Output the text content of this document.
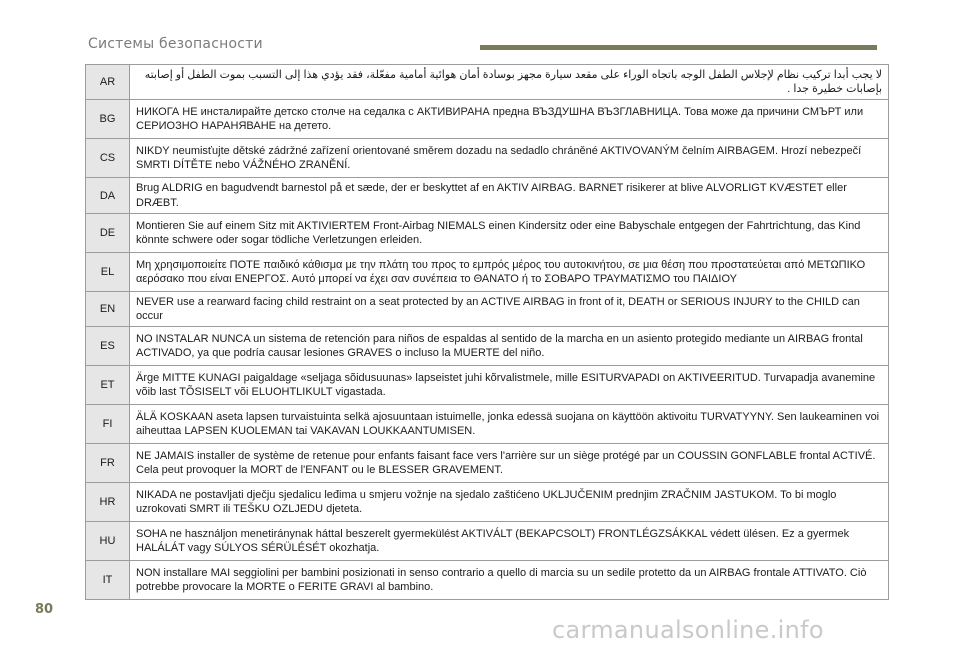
Системы безопасности
AR	لا يجب أبدا تركيب نظام لإجلاس الطفل الوجه باتجاه الوراء على مقعد سيارة مجهز بوسادة أمان هوائية أمامية مفعّلة، فقد يؤدي هذا إلى التسبب بموت الطفل أو إصابته بإصابات خطيرة جدا .
BG	НИКОГА НЕ инсталирайте детско столче на седалка с АКТИВИРАНА предна ВЪЗДУШНА ВЪЗГЛАВНИЦА. Това може да причини СМЪРТ или СЕРИОЗНО НАРАНЯВАНЕ на детето.
CS	NIKDY neumisťujte dětské zádržné zařízení orientované směrem dozadu na sedadlo chráněné AKTIVOVANÝM čelním AIRBAGEM. Hrozí nebezpečí SMRTI DÍTĚTE nebo VÁŽNÉHO ZRANĚNÍ.
DA	Brug ALDRIG en bagudvendt barnestol på et sæde, der er beskyttet af en AKTIV AIRBAG. BARNET risikerer at blive ALVORLIGT KVÆSTET eller DRÆBT.
DE	Montieren Sie auf einem Sitz mit AKTIVIERTEM Front-Airbag NIEMALS einen Kindersitz oder eine Babyschale entgegen der Fahrtrichtung, das Kind könnte schwere oder sogar tödliche Verletzungen erleiden.
EL	Μη χρησιμοποιείτε ΠΟΤΕ παιδικό κάθισμα με την πλάτη του προς το εμπρός μέρος του αυτοκινήτου, σε μια θέση που προστατεύεται από ΜΕΤΩΠΙΚΟ αερόσακο που είναι ΕΝΕΡΓΟΣ. Αυτό μπορεί να έχει σαν συνέπεια το ΘΑΝΑΤΟ ή το ΣΟΒΑΡΟ ΤΡΑΥΜΑΤΙΣΜΟ του ΠΑΙΔΙΟΥ
EN	NEVER use a rearward facing child restraint on a seat protected by an ACTIVE AIRBAG in front of it, DEATH or SERIOUS INJURY to the CHILD can occur
ES	NO INSTALAR NUNCA un sistema de retención para niños de espaldas al sentido de la marcha en un asiento protegido mediante un AIRBAG frontal ACTIVADO, ya que podría causar lesiones GRAVES o incluso la MUERTE del niño.
ET	Ärge MITTE KUNAGI paigaldage «seljaga sõidusuunas» lapseistet juhi kõrvalistmele, mille ESITURVAPADI on AKTIVEERITUD. Turvapadja avanemine võib last TÕSISELT või ELUOHTLIKULT vigastada.
FI	ÄLÄ KOSKAAN aseta lapsen turvaistuinta selkä ajosuuntaan istuimelle, jonka edessä suojana on käyttöön aktivoitu TURVATYYNY. Sen laukeaminen voi aiheuttaa LAPSEN KUOLEMAN tai VAKAVAN LOUKKAANTUMISEN.
FR	NE JAMAIS installer de système de retenue pour enfants faisant face vers l'arrière sur un siège protégé par un COUSSIN GONFLABLE frontal ACTIVÉ. Cela peut provoquer la MORT de l'ENFANT ou le BLESSER GRAVEMENT.
HR	NIKADA ne postavljati dječju sjedalicu leđima u smjeru vožnje na sjedalo zaštićeno UKLJUČENIM prednjim ZRAČNIM JASTUKOM. To bi moglo uzrokovati SMRT ili TEŠKU OZLJEDU djeteta.
HU	SOHA ne használjon menetiránynak háttal beszerelt gyermekülést AKTIVÁLT (BEKAPCSOLT) FRONTLÉGZSÁKKAL védett ülésen. Ez a gyermek HALÁLÁT vagy SÚLYOS SÉRÜLÉSÉT okozhatja.
IT	NON installare MAI seggiolini per bambini posizionati in senso contrario a quello di marcia su un sedile protetto da un AIRBAG frontale ATTIVATO. Ciò potrebbe provocare la MORTE o FERITE GRAVI al bambino.
80
carmanualsonline.info
